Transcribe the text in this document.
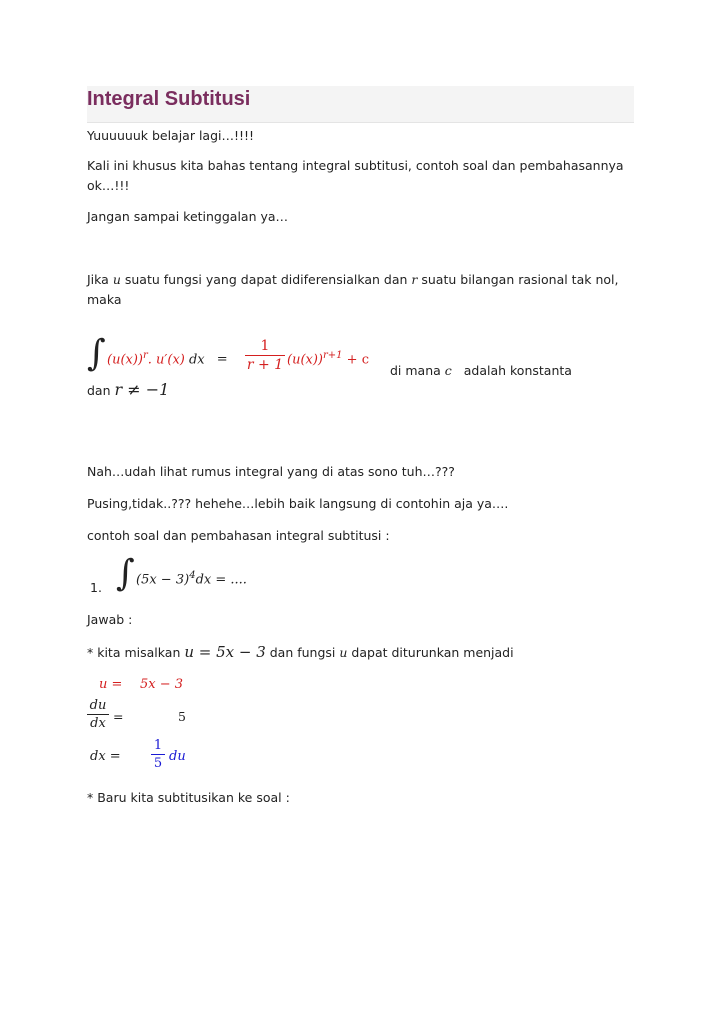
Integral Subtitusi
Yuuuuuuk belajar lagi…!!!!
Kali ini khusus kita bahas tentang integral subtitusi, contoh soal dan pembahasannya ok…!!!
Jangan sampai ketinggalan ya…
Jika u suatu fungsi yang dapat didiferensialkan dan r suatu bilangan rasional tak nol, maka
∫ $(u(x))^r$. u′(x) dx =
1
r + 1 $(u(x))^{r+1} + c$
di mana c adalah konstanta
dan r ≠ −1
Nah…udah lihat rumus integral yang di atas sono tuh…???
Pusing,tidak..??? hehehe…lebih baik langsung di contohin aja ya….
contoh soal dan pembahasan integral subtitusi :
1. ∫ $(5x - 3)^4dx$ = ....
Jawab :
* kita misalkan u = 5x − 3 dan fungsi u dapat diturunkan menjadi
u = 5x − 3
du
dx =	5
dx =
1
5 du
* Baru kita subtitusikan ke soal :
